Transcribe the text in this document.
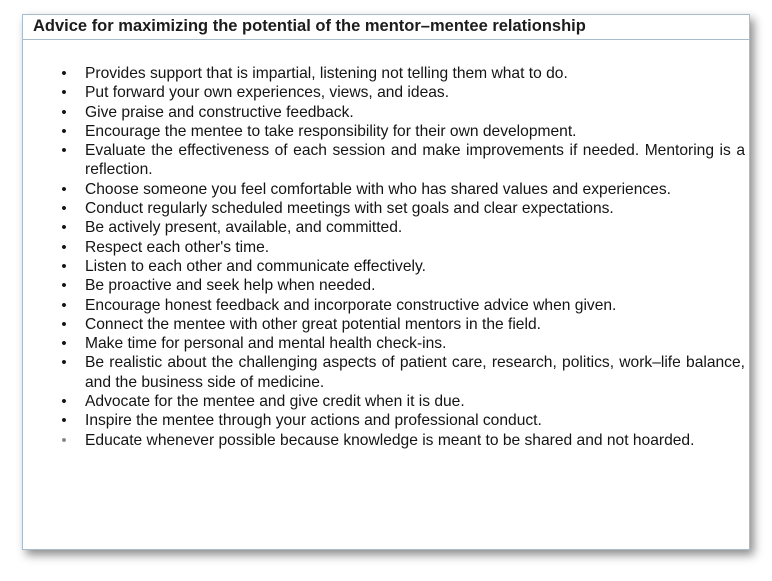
Advice for maximizing the potential of the mentor–mentee relationship
• Provides support that is impartial, listening not telling them what to do.
• Put forward your own experiences, views, and ideas.
• Give praise and constructive feedback.
• Encourage the mentee to take responsibility for their own development.
• Evaluate the effectiveness of each session and make improvements if needed. Mentoring is a reflection.
• Choose someone you feel comfortable with who has shared values and experiences.
• Conduct regularly scheduled meetings with set goals and clear expectations.
• Be actively present, available, and committed.
• Respect each other's time.
• Listen to each other and communicate effectively.
• Be proactive and seek help when needed.
• Encourage honest feedback and incorporate constructive advice when given.
• Connect the mentee with other great potential mentors in the field.
• Make time for personal and mental health check-ins.
• Be realistic about the challenging aspects of patient care, research, politics, work–life balance, and the business side of medicine.
• Advocate for the mentee and give credit when it is due.
• Inspire the mentee through your actions and professional conduct.
• Educate whenever possible because knowledge is meant to be shared and not hoarded.
